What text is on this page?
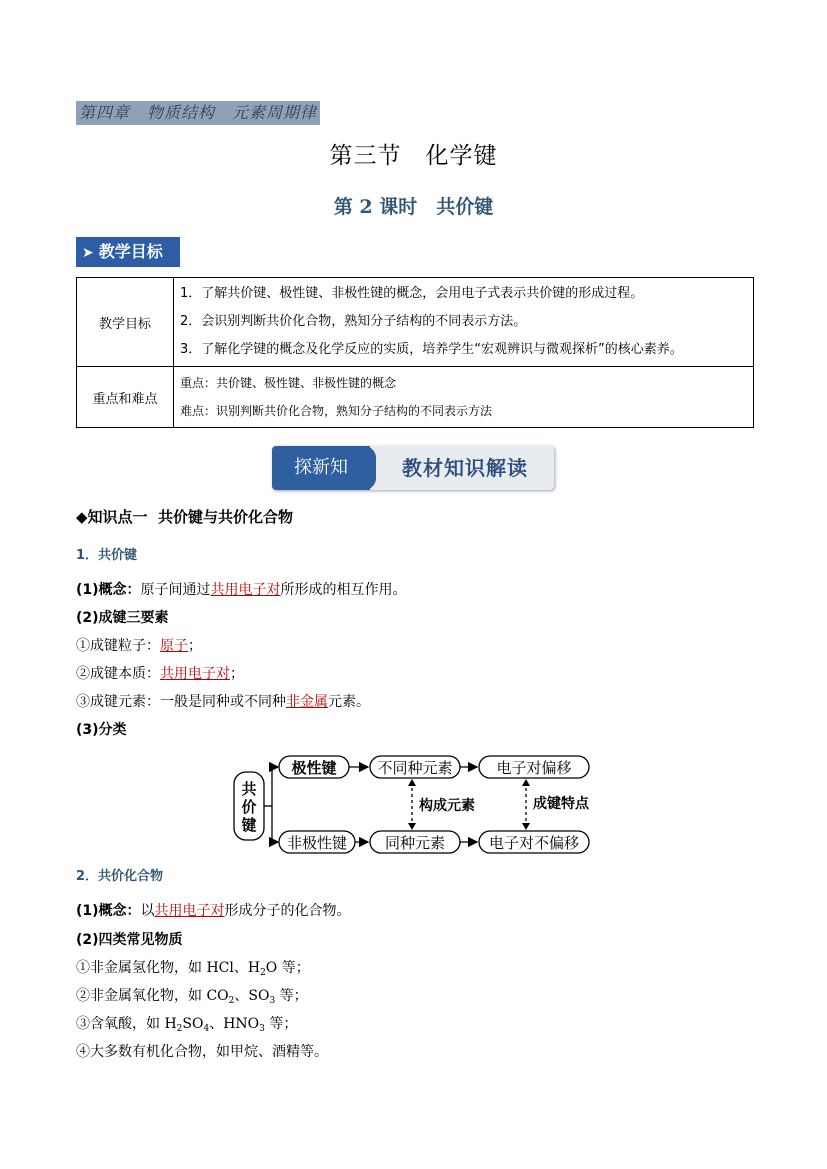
第四章　物质结构　元素周期律
第三节　化学键
第 2 课时　共价键
➤ 教学目标
教学目标	1．了解共价键、极性键、非极性键的概念，会用电子式表示共价键的形成过程。
2．会识别判断共价化合物，熟知分子结构的不同表示方法。
3．了解化学键的概念及化学反应的实质，培养学生“宏观辨识与微观探析”的核心素养。

重点和难点	重点：共价键、极性键、非极性键的概念
难点：识别判断共价化合物，熟知分子结构的不同表示方法
探新知	教材知识解读
◆知识点一  共价键与共价化合物
1．共价键
(1)概念：原子间通过共用电子对所形成的相互作用。
(2)成键三要素
①成键粒子：原子；
②成键本质：共用电子对；
③成键元素：一般是同种或不同种非金属元素。
(3)分类
共
价
键
极性键	不同种元素	电子对偏移
非极性键	同种元素	电子对不偏移
构成元素	成键特点
2．共价化合物
(1)概念：以共用电子对形成分子的化合物。
(2)四类常见物质
①非金属氢化物，如 HCl、$H_2O$ 等；
②非金属氧化物，如 $CO_2$、$SO_3$ 等；
③含氧酸，如 $H_2SO_4$、$HNO_3$ 等；
④大多数有机化合物，如甲烷、酒精等。
